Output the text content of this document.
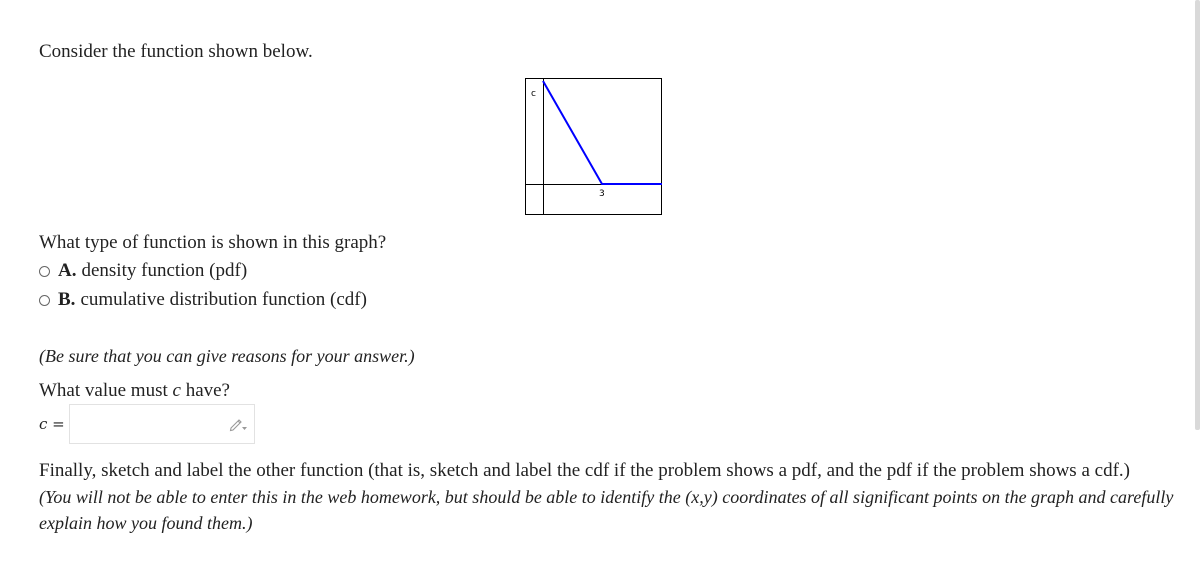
Consider the function shown below.
c
3
What type of function is shown in this graph?
A. density function (pdf)
B. cumulative distribution function (cdf)
(Be sure that you can give reasons for your answer.)
What value must c have?
c =
Finally, sketch and label the other function (that is, sketch and label the cdf if the problem shows a pdf, and the pdf if the problem shows a cdf.)
(You will not be able to enter this in the web homework, but should be able to identify the (x,y) coordinates of all significant points on the graph and carefully
explain how you found them.)
